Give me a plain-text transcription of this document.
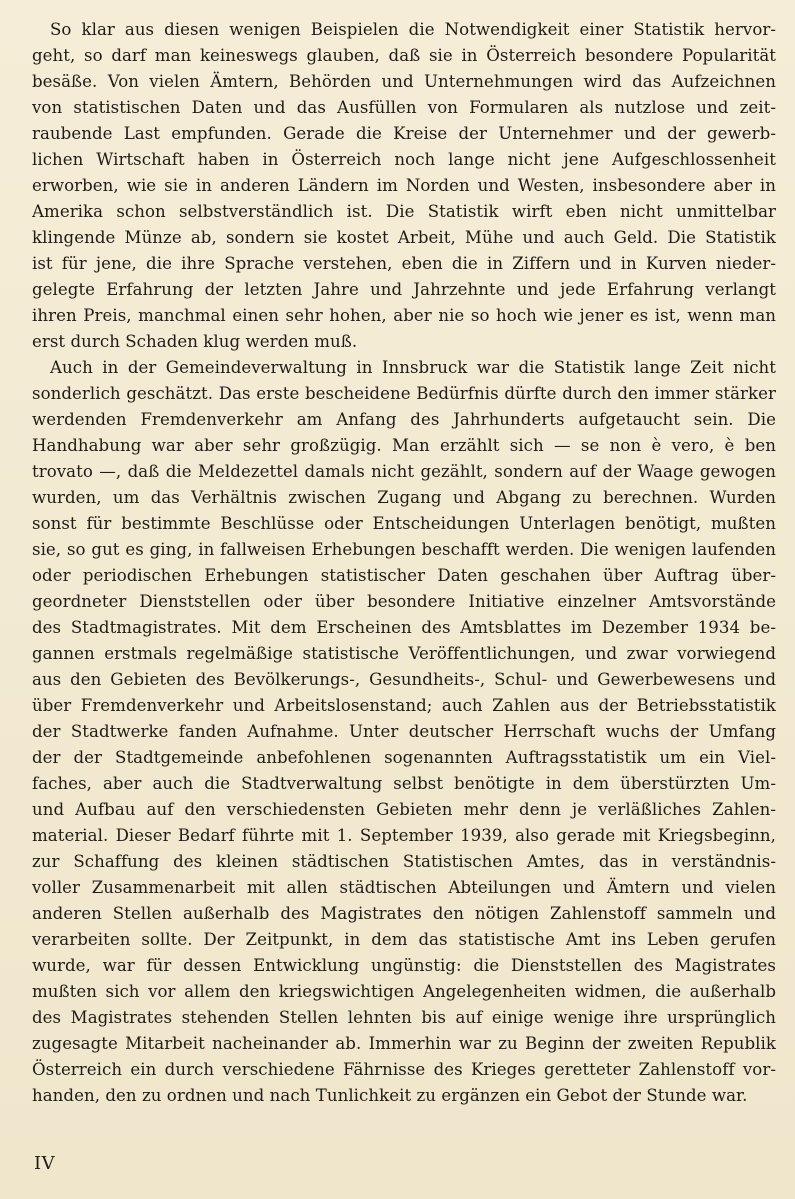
So klar aus diesen wenigen Beispielen die Notwendigkeit einer Statistik hervor-
geht, so darf man keineswegs glauben, daß sie in Österreich besondere Popularität
besäße. Von vielen Ämtern, Behörden und Unternehmungen wird das Aufzeichnen
von statistischen Daten und das Ausfüllen von Formularen als nutzlose und zeit-
raubende Last empfunden. Gerade die Kreise der Unternehmer und der gewerb-
lichen Wirtschaft haben in Österreich noch lange nicht jene Aufgeschlossenheit
erworben, wie sie in anderen Ländern im Norden und Westen, insbesondere aber in
Amerika schon selbstverständlich ist. Die Statistik wirft eben nicht unmittelbar
klingende Münze ab, sondern sie kostet Arbeit, Mühe und auch Geld. Die Statistik
ist für jene, die ihre Sprache verstehen, eben die in Ziffern und in Kurven nieder-
gelegte Erfahrung der letzten Jahre und Jahrzehnte und jede Erfahrung verlangt
ihren Preis, manchmal einen sehr hohen, aber nie so hoch wie jener es ist, wenn man
erst durch Schaden klug werden muß.
Auch in der Gemeindeverwaltung in Innsbruck war die Statistik lange Zeit nicht
sonderlich geschätzt. Das erste bescheidene Bedürfnis dürfte durch den immer stärker
werdenden Fremdenverkehr am Anfang des Jahrhunderts aufgetaucht sein. Die
Handhabung war aber sehr großzügig. Man erzählt sich — se non è vero, è ben
trovato —, daß die Meldezettel damals nicht gezählt, sondern auf der Waage gewogen
wurden, um das Verhältnis zwischen Zugang und Abgang zu berechnen. Wurden
sonst für bestimmte Beschlüsse oder Entscheidungen Unterlagen benötigt, mußten
sie, so gut es ging, in fallweisen Erhebungen beschafft werden. Die wenigen laufenden
oder periodischen Erhebungen statistischer Daten geschahen über Auftrag über-
geordneter Dienststellen oder über besondere Initiative einzelner Amtsvorstände
des Stadtmagistrates. Mit dem Erscheinen des Amtsblattes im Dezember 1934 be-
gannen erstmals regelmäßige statistische Veröffentlichungen, und zwar vorwiegend
aus den Gebieten des Bevölkerungs-, Gesundheits-, Schul- und Gewerbewesens und
über Fremdenverkehr und Arbeitslosenstand; auch Zahlen aus der Betriebsstatistik
der Stadtwerke fanden Aufnahme. Unter deutscher Herrschaft wuchs der Umfang
der der Stadtgemeinde anbefohlenen sogenannten Auftragsstatistik um ein Viel-
faches, aber auch die Stadtverwaltung selbst benötigte in dem überstürzten Um-
und Aufbau auf den verschiedensten Gebieten mehr denn je verläßliches Zahlen-
material. Dieser Bedarf führte mit 1. September 1939, also gerade mit Kriegsbeginn,
zur Schaffung des kleinen städtischen Statistischen Amtes, das in verständnis-
voller Zusammenarbeit mit allen städtischen Abteilungen und Ämtern und vielen
anderen Stellen außerhalb des Magistrates den nötigen Zahlenstoff sammeln und
verarbeiten sollte. Der Zeitpunkt, in dem das statistische Amt ins Leben gerufen
wurde, war für dessen Entwicklung ungünstig: die Dienststellen des Magistrates
mußten sich vor allem den kriegswichtigen Angelegenheiten widmen, die außerhalb
des Magistrates stehenden Stellen lehnten bis auf einige wenige ihre ursprünglich
zugesagte Mitarbeit nacheinander ab. Immerhin war zu Beginn der zweiten Republik
Österreich ein durch verschiedene Fährnisse des Krieges geretteter Zahlenstoff vor-
handen, den zu ordnen und nach Tunlichkeit zu ergänzen ein Gebot der Stunde war.
IV
